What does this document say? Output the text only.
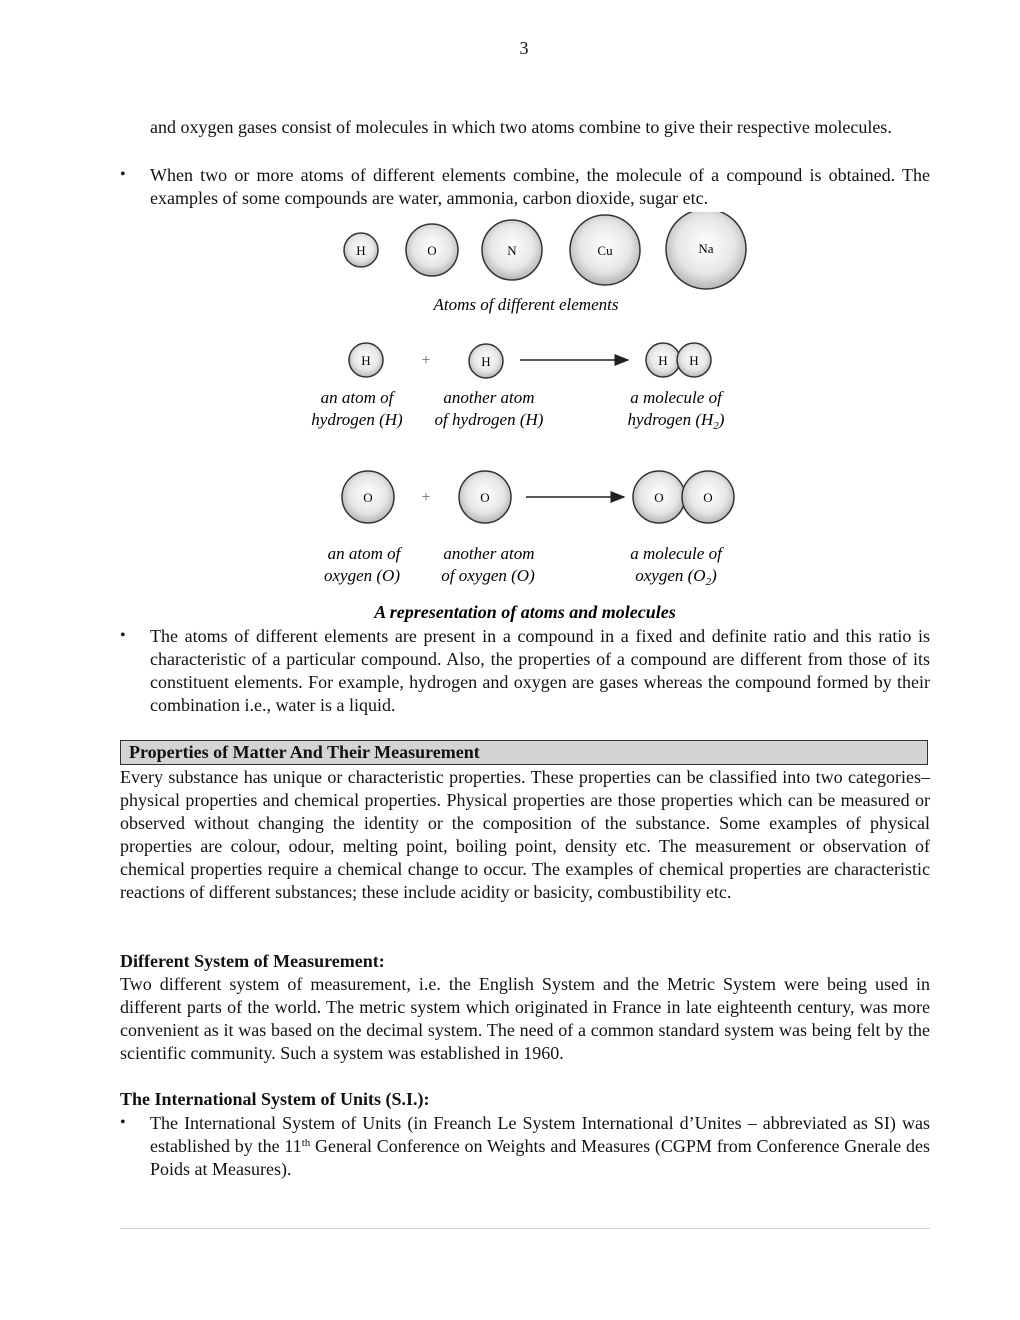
3
and oxygen gases consist of molecules in which two atoms combine to give their respective molecules.
• When two or more atoms of different elements combine, the molecule of a compound is obtained. The examples of some compounds are water, ammonia, carbon dioxide, sugar etc.
H	O	N	Cu	Na
Atoms of different elements
H	+	H	H H
an atom of
hydrogen (H)
another atom
of hydrogen (H)
a molecule of
hydrogen $(H_2)$
O	+	O	O	O
an atom of
oxygen (O)
another atom
of oxygen (O)
a molecule of
oxygen $(O_2)$
A representation of atoms and molecules
• The atoms of different elements are present in a compound in a fixed and definite ratio and this ratio is characteristic of a particular compound. Also, the properties of a compound are different from those of its constituent elements. For example, hydrogen and oxygen are gases whereas the compound formed by their combination i.e., water is a liquid.
Properties of Matter And Their Measurement
Every substance has unique or characteristic properties. These properties can be classified into two categories–physical properties and chemical properties. Physical properties are those properties which can be measured or observed without changing the identity or the composition of the substance. Some examples of physical properties are colour, odour, melting point, boiling point, density etc. The measurement or observation of chemical properties require a chemical change to occur. The examples of chemical properties are characteristic reactions of different substances; these include acidity or basicity, combustibility etc.
Different System of Measurement:
Two different system of measurement, i.e. the English System and the Metric System were being used in different parts of the world. The metric system which originated in France in late eighteenth century, was more convenient as it was based on the decimal system. The need of a common standard system was being felt by the scientific community. Such a system was established in 1960.
The International System of Units (S.I.):
• The International System of Units (in Freanch Le System International d’Unites – abbreviated as SI) was established by the 11th General Conference on Weights and Measures (CGPM from Conference Gnerale des Poids at Measures).
